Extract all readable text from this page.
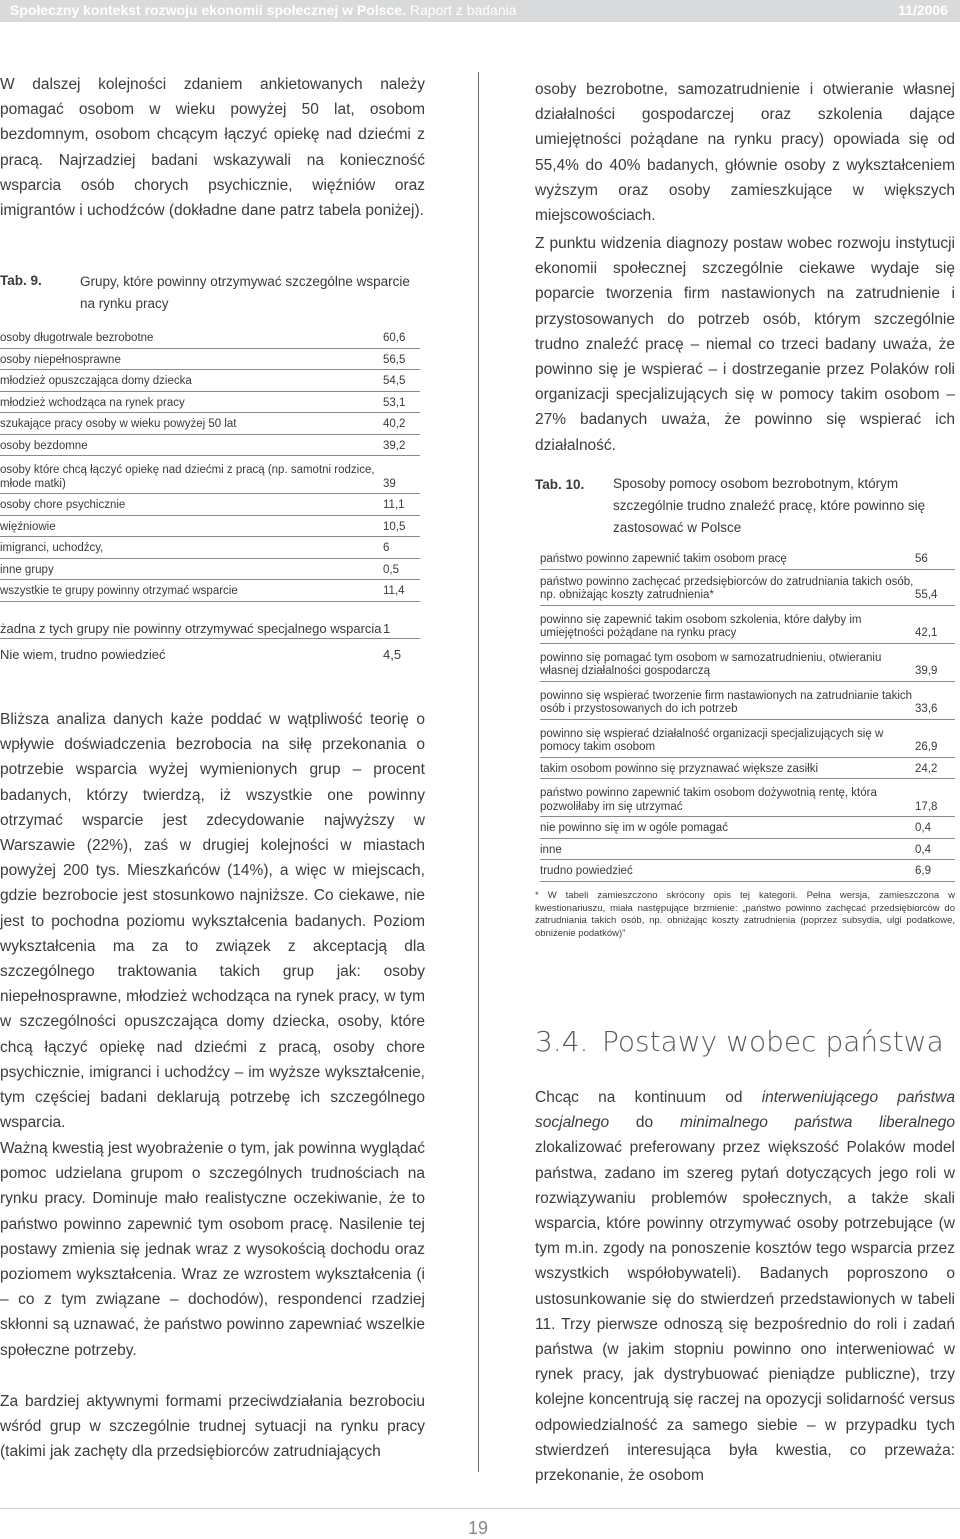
Społeczny kontekst rozwoju ekonomii społecznej w Polsce. Raport z badania	11/2006

W dalszej kolejności zdaniem ankietowanych należy pomagać osobom w wieku powyżej 50 lat, osobom bezdomnym, osobom chcącym łączyć opiekę nad dziećmi z pracą. Najrzadziej badani wskazywali na konieczność wsparcia osób chorych psychicznie, więźniów oraz imigrantów i uchodźców (dokładne dane patrz tabela poniżej).

Tab. 9.	Grupy, które powinny otrzymywać szczególne wsparcie na rynku pracy
osoby długotrwale bezrobotne	60,6
osoby niepełnosprawne	56,5
młodzież opuszczająca domy dziecka	54,5
młodzież wchodząca na rynek pracy	53,1
szukające pracy osoby w wieku powyżej 50 lat	40,2
osoby bezdomne	39,2
osoby które chcą łączyć opiekę nad dziećmi z pracą (np. samotni rodzice, młode matki)	39
osoby chore psychicznie	11,1
więźniowie	10,5
imigranci, uchodźcy,	6
inne grupy	0,5
wszystkie te grupy powinny otrzymać wsparcie	11,4
żadna z tych grupy nie powinny otrzymywać specjalnego wsparcia 1
Nie wiem, trudno powiedzieć	4,5

Bliższa analiza danych każe poddać w wątpliwość teorię o wpływie doświadczenia bezrobocia na siłę przekonania o potrzebie wsparcia wyżej wymienionych grup – procent badanych, którzy twierdzą, iż wszystkie one powinny otrzymać wsparcie jest zdecydowanie najwyższy w Warszawie (22%), zaś w drugiej kolejności w miastach powyżej 200 tys. Mieszkańców (14%), a więc w miejscach, gdzie bezrobocie jest stosunkowo najniższe. Co ciekawe, nie jest to pochodna poziomu wykształcenia badanych. Poziom wykształcenia ma za to związek z akceptacją dla szczególnego traktowania takich grup jak: osoby niepełnosprawne, młodzież wchodząca na rynek pracy, w tym w szczególności opuszczająca domy dziecka, osoby, które chcą łączyć opiekę nad dziećmi z pracą, osoby chore psychicznie, imigranci i uchodźcy – im wyższe wykształcenie, tym częściej badani deklarują potrzebę ich szczególnego wsparcia.

Ważną kwestią jest wyobrażenie o tym, jak powinna wyglądać pomoc udzielana grupom o szczególnych trudnościach na rynku pracy. Dominuje mało realistyczne oczekiwanie, że to państwo powinno zapewnić tym osobom pracę. Nasilenie tej postawy zmienia się jednak wraz z wysokością dochodu oraz poziomem wykształcenia. Wraz ze wzrostem wykształcenia (i – co z tym związane – dochodów), respondenci rzadziej skłonni są uznawać, że państwo powinno zapewniać wszelkie społeczne potrzeby.

Za bardziej aktywnymi formami przeciwdziałania bezrobociu wśród grup w szczególnie trudnej sytuacji na rynku pracy (takimi jak zachęty dla przedsiębiorców zatrudniających

osoby bezrobotne, samozatrudnienie i otwieranie własnej działalności gospodarczej oraz szkolenia dające umiejętności pożądane na rynku pracy) opowiada się od 55,4% do 40% badanych, głównie osoby z wykształceniem wyższym oraz osoby zamieszkujące w większych miejscowościach.

Z punktu widzenia diagnozy postaw wobec rozwoju instytucji ekonomii społecznej szczególnie ciekawe wydaje się poparcie tworzenia firm nastawionych na zatrudnienie i przystosowanych do potrzeb osób, którym szczególnie trudno znaleźć pracę – niemal co trzeci badany uważa, że powinno się je wspierać – i dostrzeganie przez Polaków roli organizacji specjalizujących się w pomocy takim osobom – 27% badanych uważa, że powinno się wspierać ich działalność.

Tab. 10. Sposoby pomocy osobom bezrobotnym, którym szczególnie trudno znaleźć pracę, które powinno się zastosować w Polsce
państwo powinno zapewnić takim osobom pracę	56
państwo powinno zachęcać przedsiębiorców do zatrudniania takich osób, np. obniżając koszty zatrudnienia*	55,4
powinno się zapewnić takim osobom szkolenia, które dałyby im umiejętności pożądane na rynku pracy	42,1
powinno się pomagać tym osobom w samozatrudnieniu, otwieraniu własnej działalności gospodarczą	39,9
powinno się wspierać tworzenie firm nastawionych na zatrudnianie takich osób i przystosowanych do ich potrzeb	33,6
powinno się wspierać działalność organizacji specjalizujących się w pomocy takim osobom	26,9
takim osobom powinno się przyznawać większe zasiłki	24,2
państwo powinno zapewnić takim osobom dożywotnią rentę, która pozwoliłaby im się utrzymać	17,8
nie powinno się im w ogóle pomagać	0,4
inne	0,4
trudno powiedzieć	6,9
* W tabeli zamieszczono skrócony opis tej kategorii. Pełna wersja, zamieszczona w kwestionariuszu, miała następujące brzmienie: „państwo powinno zachęcać przedsiębiorców do zatrudniania takich osób, np. obniżając koszty zatrudnienia (poprzez subsydia, ulgi podatkowe, obniżenie podatków)”
3.4. Postawy wobec państwa

Chcąc na kontinuum od interweniującego państwa socjalnego do minimalnego państwa liberalnego zlokalizować preferowany przez większość Polaków model państwa, zadano im szereg pytań dotyczących jego roli w rozwiązywaniu problemów społecznych, a także skali wsparcia, które powinny otrzymywać osoby potrzebujące (w tym m.in. zgody na ponoszenie kosztów tego wsparcia przez wszystkich współobywateli). Badanych poproszono o ustosunkowanie się do stwierdzeń przedstawionych w tabeli 11. Trzy pierwsze odnoszą się bezpośrednio do roli i zadań państwa (w jakim stopniu powinno ono interweniować w rynek pracy, jak dystrybuować pieniądze publiczne), trzy kolejne koncentrują się raczej na opozycji solidarność versus odpowiedzialność za samego siebie – w przypadku tych stwierdzeń interesująca była kwestia, co przeważa: przekonanie, że osobom

19
